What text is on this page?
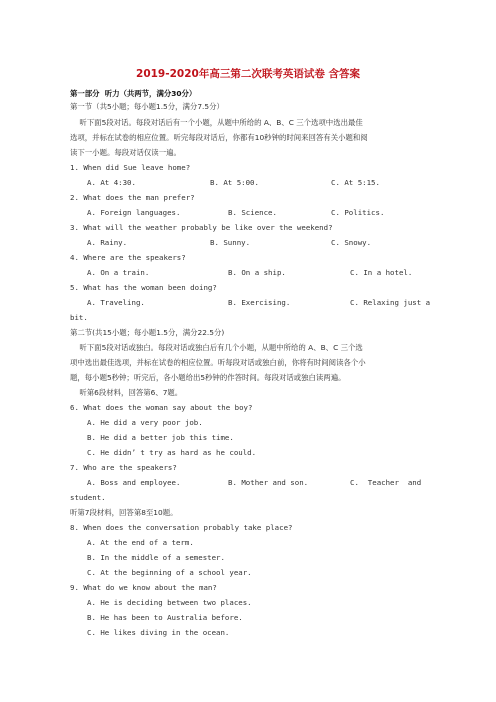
2019-2020年高三第二次联考英语试卷 含答案
第一部分  听力（共两节，满分30分）
第一节（共5小题；每小题1.5分，满分7.5分）
听下面5段对话。每段对话后有一个小题，从题中所给的 A、B、C 三个选项中选出最佳
选项，并标在试卷的相应位置。听完每段对话后，你都有10秒钟的时间来回答有关小题和阅
读下一小题。每段对话仅读一遍。
1. When did Sue leave home?
A. At 4:30.	B. At 5:00.	C. At 5:15.
2. What does the man prefer?
A. Foreign languages.	B. Science.	C. Politics.
3. What will the weather probably be like over the weekend?
A. Rainy.	B. Sunny.	C. Snowy.
4. Where are the speakers?
A. On a train.	B. On a ship.	C. In a hotel.
5. What has the woman been doing?
A. Traveling.	B. Exercising.	C. Relaxing just a
bit.
第二节(共15小题；每小题1.5分，满分22.5分)
听下面5段对话或独白。每段对话或独白后有几个小题，从题中所给的 A、B、C 三个选
项中选出最佳选项，并标在试卷的相应位置。听每段对话或独白前，你将有时间阅读各个小
题，每小题5秒钟；听完后，各小题给出5秒钟的作答时间。每段对话或独白读两遍。
听第6段材料，回答第6、7题。
6. What does the woman say about the boy?
A. He did a very poor job.
B. He did a better job this time.
C. He didn’ t try as hard as he could.
7. Who are the speakers?
A. Boss and employee.	B. Mother and son.	C.  Teacher  and
student.
听第7段材料，回答第8至10题。
8. When does the conversation probably take place?
A. At the end of a term.
B. In the middle of a semester.
C. At the beginning of a school year.
9. What do we know about the man?
A. He is deciding between two places.
B. He has been to Australia before.
C. He likes diving in the ocean.
